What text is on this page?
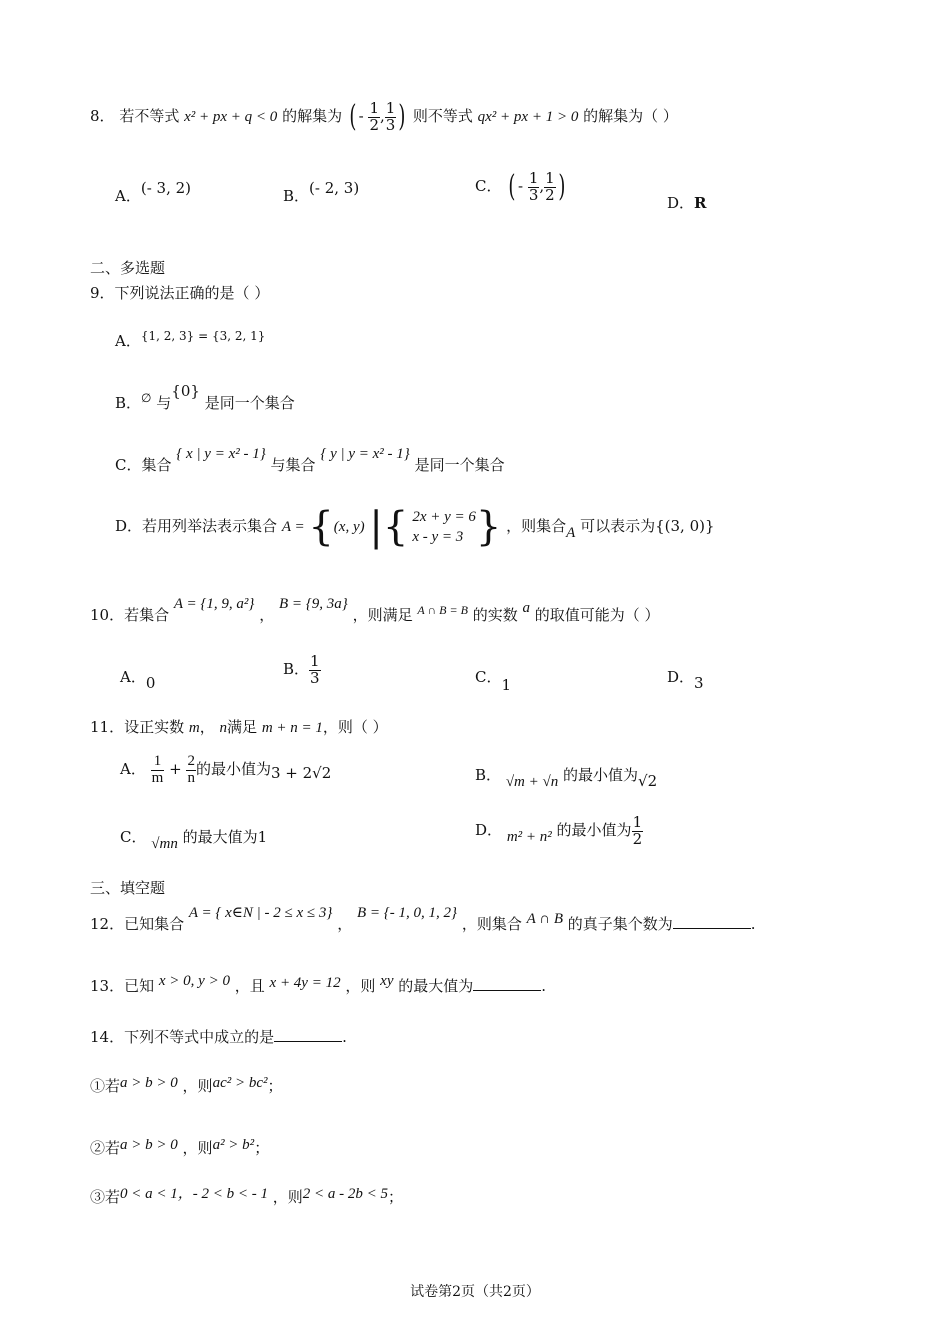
8． 若不等式 x² + px + q < 0 的解集为 ( - $\frac{1}{2}$ , $\frac{1}{3}$ ) 则不等式 qx² + px + 1 > 0 的解集为（ ）
A．(- 3, 2)	B．(- 2, 3)	C． ( - $\frac{1}{3}$ , $\frac{1}{2}$ )	D．R
二、多选题
9．下列说法正确的是（ ）
A．$^{\{1, 2, 3\} = \{3, 2, 1\}}$
B．∅ 与{0} 是同一个集合
C．集合 { x | y = x² - 1} 与集合 { y | y = x² - 1} 是同一个集合
D．若用列举法表示集合 A = {(x, y) |{ 2x + y = 6
x - y = 3 } ，则集合A 可以表示为{(3, 0)}
10．若集合 A = {1, 9, a²} ， B = {9, 3a} ，则满足 $^{A \cap B = B}$ 的实数 a 的取值可能为（ ）
A．0
B． $\frac{1}{3}$	C．1	D．3
11．设正实数 m， n满足 m + n = 1，则（ ）
A． $\frac{1}{m} + \frac{2}{n}$ 的最小值为3 + 2√2	B． √m + √n 的最小值为√2
C． √mn 的最大值为1	D． m² + n² 的最小值为 $\frac{1}{2}$
三、填空题
12．已知集合 A = { x∈N | - 2 ≤ x ≤ 3} ， B = {- 1, 0, 1, 2} ，则集合 A ∩ B 的真子集个数为	.
13．已知 x > 0, y > 0 ，且 x + 4y = 12 ，则 xy 的最大值为	.
14．下列不等式中成立的是	.
①若a > b > 0 ，则ac² > bc²；
②若a > b > 0 ，则a² > b²；
③若0 < a < 1，- 2 < b < - 1 ，则2 < a - 2b < 5；
试卷第2页（共2页）
